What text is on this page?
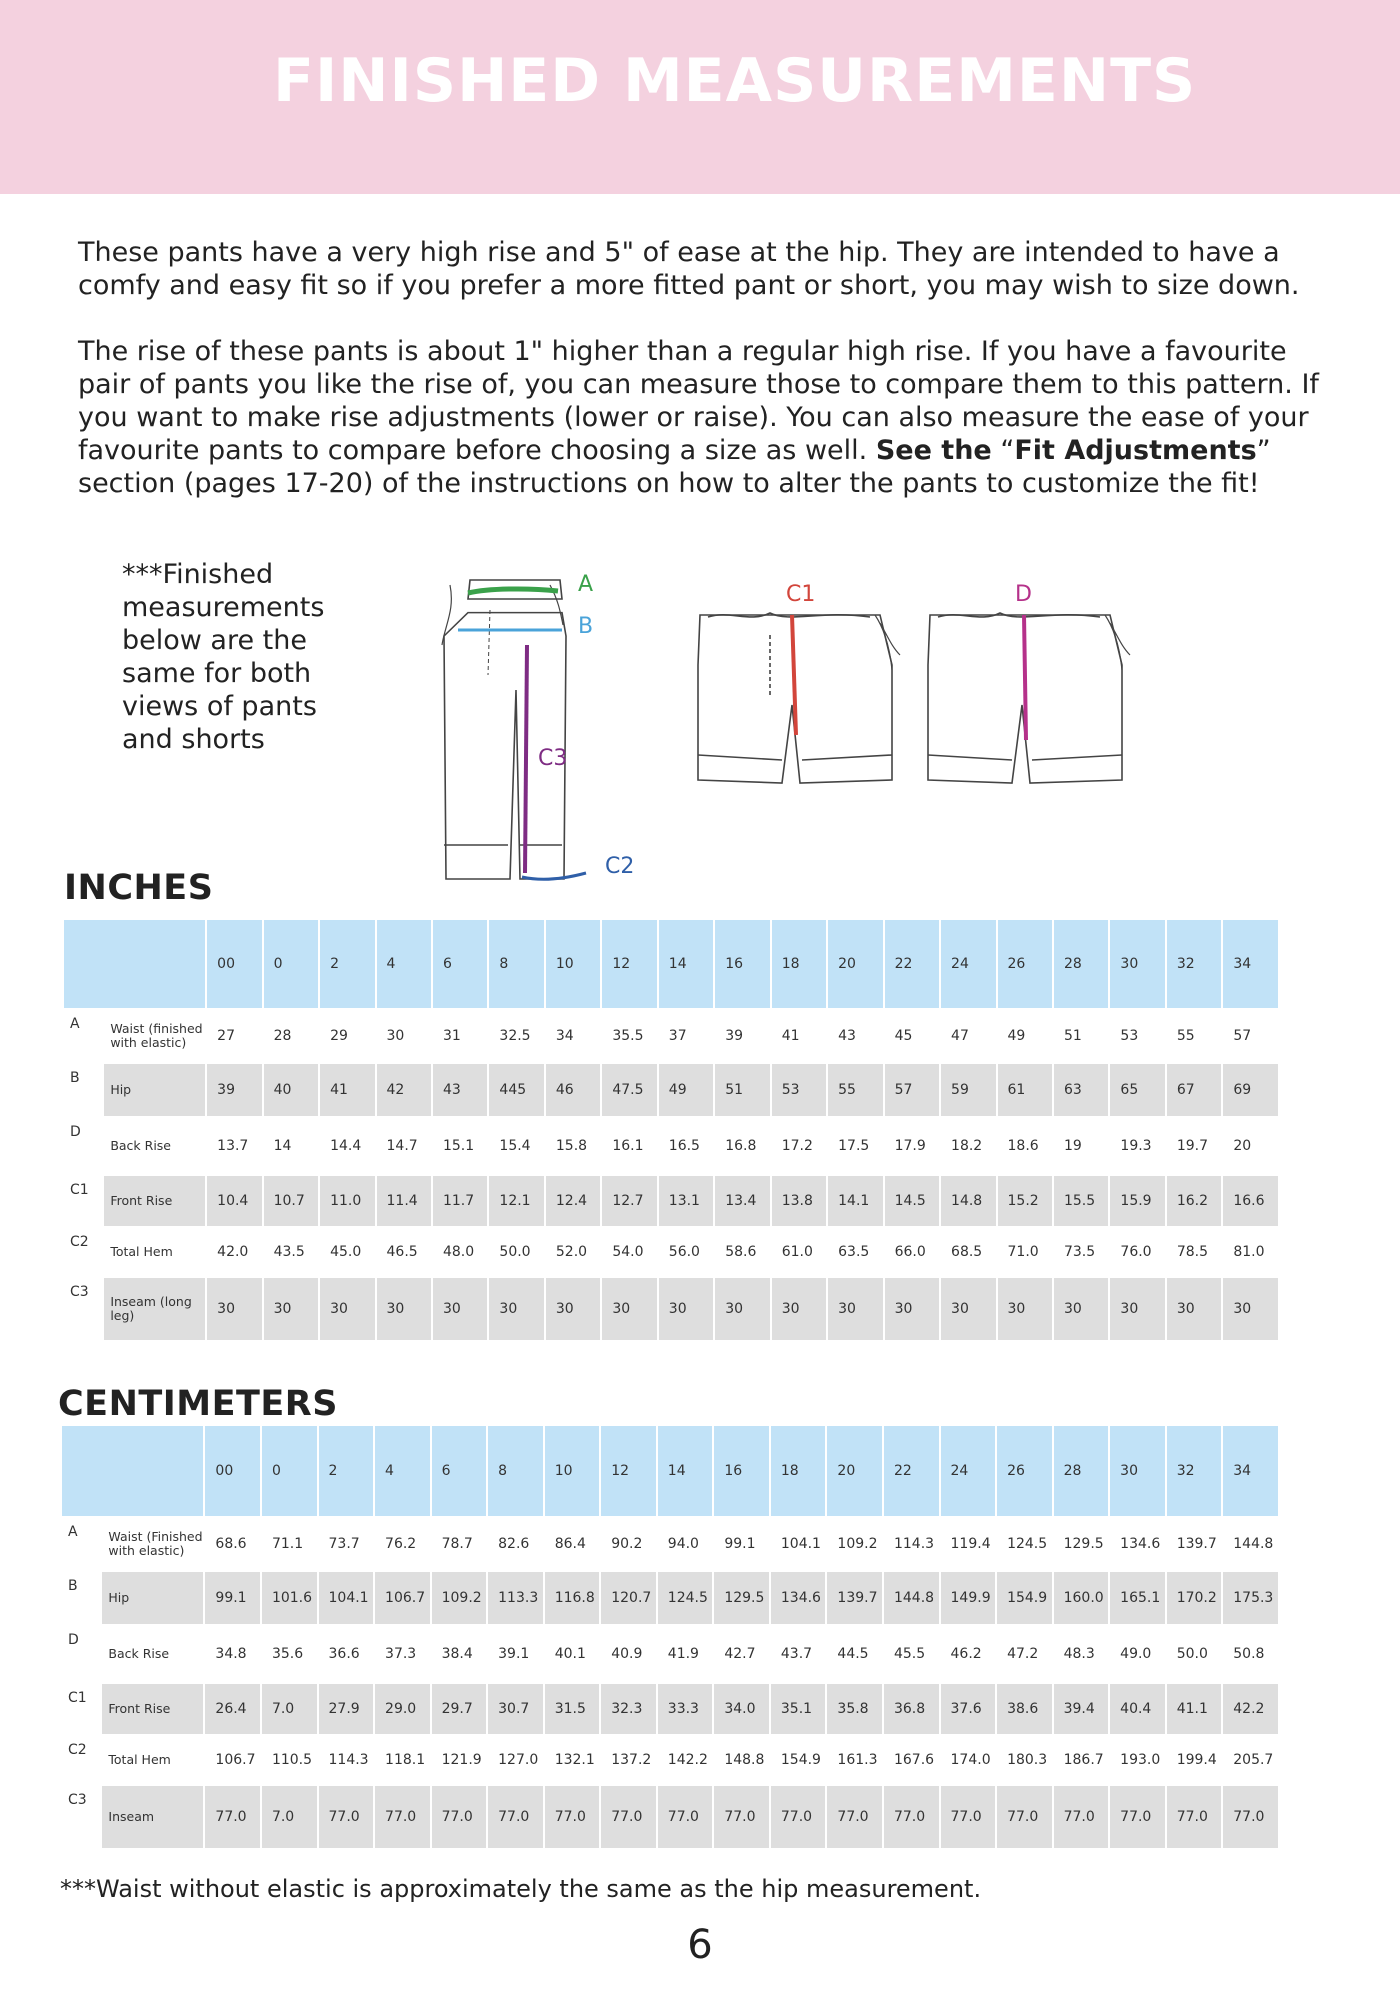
FINISHED MEASUREMENTS

These pants have a very high rise and 5" of ease at the hip. They are intended to have a comfy and easy fit so if you prefer a more fitted pant or short, you may wish to size down.

The rise of these pants is about 1" higher than a regular high rise. If you have a favourite pair of pants you like the rise of, you can measure those to compare them to this pattern. If you want to make rise adjustments (lower or raise). You can also measure the ease of your favourite pants to compare before choosing a size as well. See the “Fit Adjustments” section (pages 17-20) of the instructions on how to alter the pants to customize the fit!

***Finished measurements below are the same for both views of pants and shorts
A
B
C3
C2
C1	D
INCHES
		00	0	2	4	6	8	10	12	14	16	18	20	22	24	26	28	30	32	34
A	Waist (finished with elastic)	27	28	29	30	31	32.5	34	35.5	37	39	41	43	45	47	49	51	53	55	57
B	Hip	39	40	41	42	43	445	46	47.5	49	51	53	55	57	59	61	63	65	67	69
D	Back Rise	13.7	14	14.4	14.7	15.1	15.4	15.8	16.1	16.5	16.8	17.2	17.5	17.9	18.2	18.6	19	19.3	19.7	20
C1	Front Rise	10.4	10.7	11.0	11.4	11.7	12.1	12.4	12.7	13.1	13.4	13.8	14.1	14.5	14.8	15.2	15.5	15.9	16.2	16.6
C2	Total Hem	42.0	43.5	45.0	46.5	48.0	50.0	52.0	54.0	56.0	58.6	61.0	63.5	66.0	68.5	71.0	73.5	76.0	78.5	81.0
C3	Inseam (long leg)	30	30	30	30	30	30	30	30	30	30	30	30	30	30	30	30	30	30	30
CENTIMETERS
		00	0	2	4	6	8	10	12	14	16	18	20	22	24	26	28	30	32	34
A	Waist (Finished with elastic)	68.6	71.1	73.7	76.2	78.7	82.6	86.4	90.2	94.0	99.1	104.1	109.2	114.3	119.4	124.5	129.5	134.6	139.7	144.8
B	Hip	99.1	101.6	104.1	106.7	109.2	113.3	116.8	120.7	124.5	129.5	134.6	139.7	144.8	149.9	154.9	160.0	165.1	170.2	175.3
D	Back Rise	34.8	35.6	36.6	37.3	38.4	39.1	40.1	40.9	41.9	42.7	43.7	44.5	45.5	46.2	47.2	48.3	49.0	50.0	50.8
C1	Front Rise	26.4	7.0	27.9	29.0	29.7	30.7	31.5	32.3	33.3	34.0	35.1	35.8	36.8	37.6	38.6	39.4	40.4	41.1	42.2
C2	Total Hem	106.7	110.5	114.3	118.1	121.9	127.0	132.1	137.2	142.2	148.8	154.9	161.3	167.6	174.0	180.3	186.7	193.0	199.4	205.7
C3	Inseam	77.0	7.0	77.0	77.0	77.0	77.0	77.0	77.0	77.0	77.0	77.0	77.0	77.0	77.0	77.0	77.0	77.0	77.0	77.0
***Waist without elastic is approximately the same as the hip measurement.
6
